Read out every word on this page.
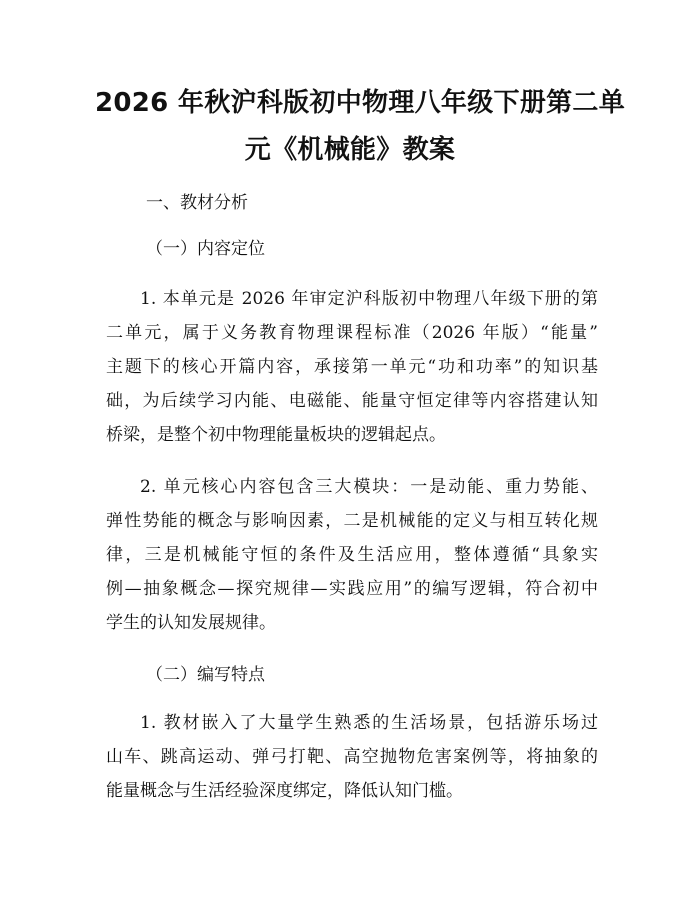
2026 年秋沪科版初中物理八年级下册第二单
元《机械能》教案
一、教材分析
（一）内容定位
1. 本单元是 2026 年审定沪科版初中物理八年级下册的第
二单元，属于义务教育物理课程标准（2026 年版）“能量”
主题下的核心开篇内容，承接第一单元“功和功率”的知识基
础，为后续学习内能、电磁能、能量守恒定律等内容搭建认知
桥梁，是整个初中物理能量板块的逻辑起点。
2. 单元核心内容包含三大模块：一是动能、重力势能、
弹性势能的概念与影响因素，二是机械能的定义与相互转化规
律，三是机械能守恒的条件及生活应用，整体遵循“具象实
例—抽象概念—探究规律—实践应用”的编写逻辑，符合初中
学生的认知发展规律。
（二）编写特点
1. 教材嵌入了大量学生熟悉的生活场景，包括游乐场过
山车、跳高运动、弹弓打靶、高空抛物危害案例等，将抽象的
能量概念与生活经验深度绑定，降低认知门槛。
